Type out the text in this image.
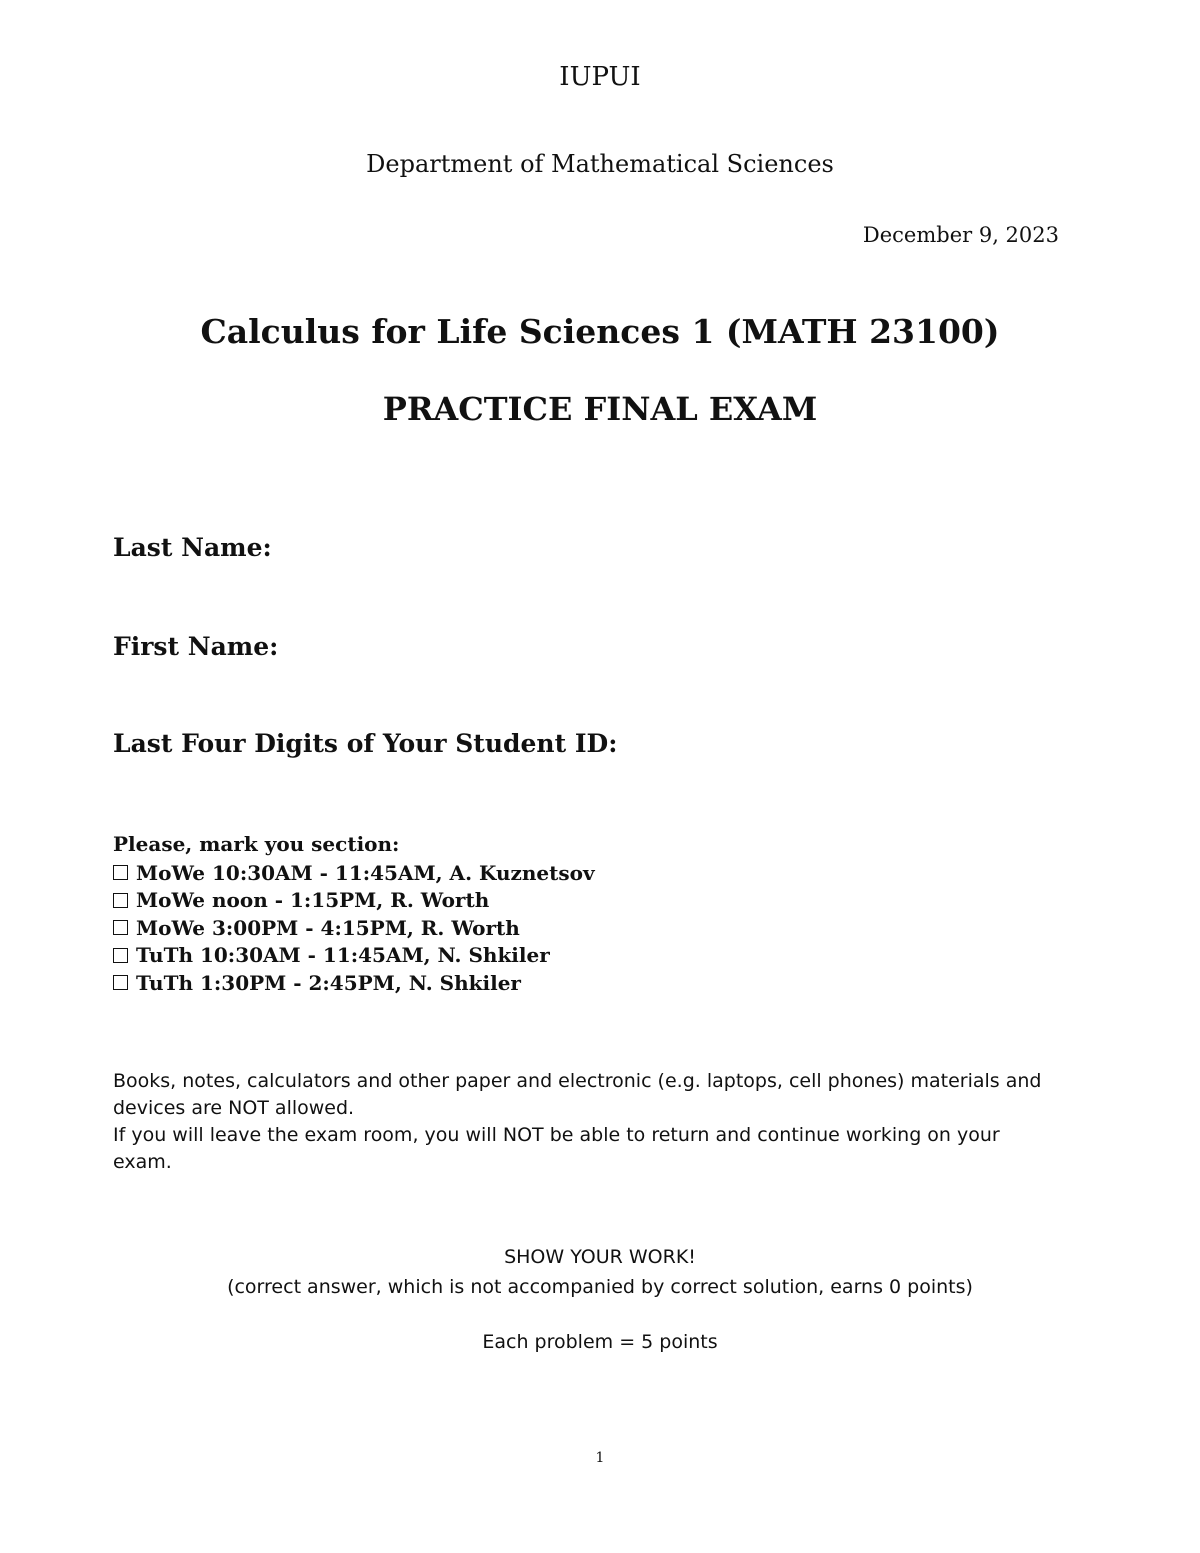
IUPUI
Department of Mathematical Sciences
December 9, 2023
Calculus for Life Sciences 1 (MATH 23100)
PRACTICE FINAL EXAM
Last Name:
First Name:
Last Four Digits of Your Student ID:
Please, mark you section:
MoWe 10:30AM - 11:45AM, A. Kuznetsov
MoWe noon - 1:15PM, R. Worth
MoWe 3:00PM - 4:15PM, R. Worth
TuTh 10:30AM - 11:45AM, N. Shkiler
TuTh 1:30PM - 2:45PM, N. Shkiler

Books, notes, calculators and other paper and electronic (e.g. laptops, cell phones) materials and devices are NOT allowed.

If you will leave the exam room, you will NOT be able to return and continue working on your exam.

SHOW YOUR WORK!
(correct answer, which is not accompanied by correct solution, earns 0 points)
Each problem = 5 points
1
